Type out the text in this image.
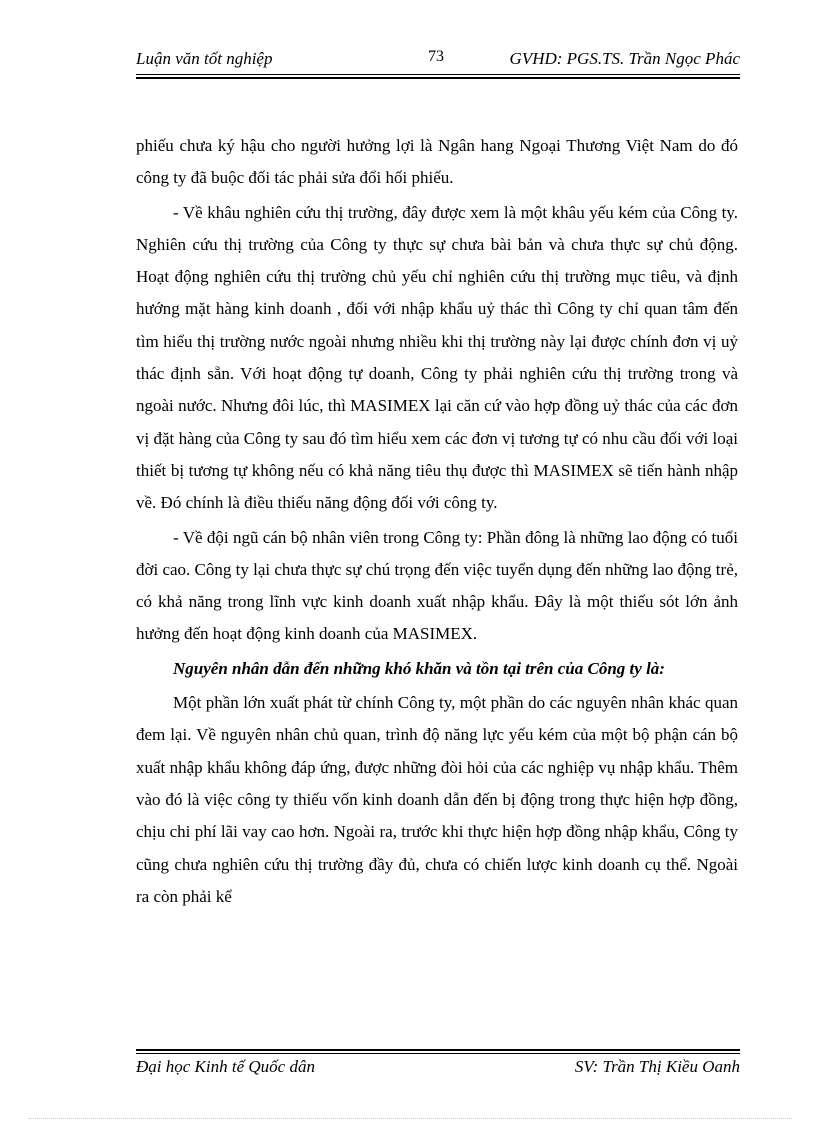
Luận văn tốt nghiệp	73	GVHD: PGS.TS. Trần Ngọc Phác

phiếu chưa ký hậu cho người hưởng lợi là Ngân hang Ngoại Thương Việt Nam do đó công ty đã buộc đối tác phải sửa đổi hối phiếu.

- Về khâu nghiên cứu thị trường, đây được xem là một khâu yếu kém của Công ty. Nghiên cứu thị trường của Công ty thực sự chưa bài bản và chưa thực sự chủ động. Hoạt động nghiên cứu thị trường chủ yếu chỉ nghiên cứu thị trường mục tiêu, và định hướng mặt hàng kinh doanh , đối với nhập khẩu uỷ thác thì Công ty chỉ quan tâm đến tìm hiểu thị trường nước ngoài nhưng nhiều khi thị trường này lại được chính đơn vị uỷ thác định sẵn. Với hoạt động tự doanh, Công ty phải nghiên cứu thị trường trong và ngoài nước. Nhưng đôi lúc, thì MASIMEX lại căn cứ vào hợp đồng uỷ thác của các đơn vị đặt hàng của Công ty sau đó tìm hiểu xem các đơn vị tương tự có nhu cầu đối với loại thiết bị tương tự không nếu có khả năng tiêu thụ được thì MASIMEX sẽ tiến hành nhập về. Đó chính là điều thiếu năng động đối với công ty.

- Về đội ngũ cán bộ nhân viên trong Công ty: Phần đông là những lao động có tuổi đời cao. Công ty lại chưa thực sự chú trọng đến việc tuyển dụng đến những lao động trẻ, có khả năng trong lĩnh vực kinh doanh xuất nhập khẩu. Đây là một thiếu sót lớn ảnh hưởng đến hoạt động kinh doanh của MASIMEX.

Nguyên nhân dẫn đến những khó khăn và tồn tại trên của Công ty là:

Một phần lớn xuất phát từ chính Công ty, một phần do các nguyên nhân khác quan đem lại. Về nguyên nhân chủ quan, trình độ năng lực yếu kém của một bộ phận cán bộ xuất nhập khẩu không đáp ứng, được những đòi hỏi của các nghiệp vụ nhập khẩu. Thêm vào đó là việc công ty thiếu vốn kinh doanh dẫn đến bị động trong thực hiện hợp đồng, chịu chi phí lãi vay cao hơn. Ngoài ra, trước khi thực hiện hợp đồng nhập khẩu, Công ty cũng chưa nghiên cứu thị trường đầy đủ, chưa có chiến lược kinh doanh cụ thể. Ngoài ra còn phải kể

Đại học Kinh tế Quốc dân	SV: Trần Thị Kiều Oanh
